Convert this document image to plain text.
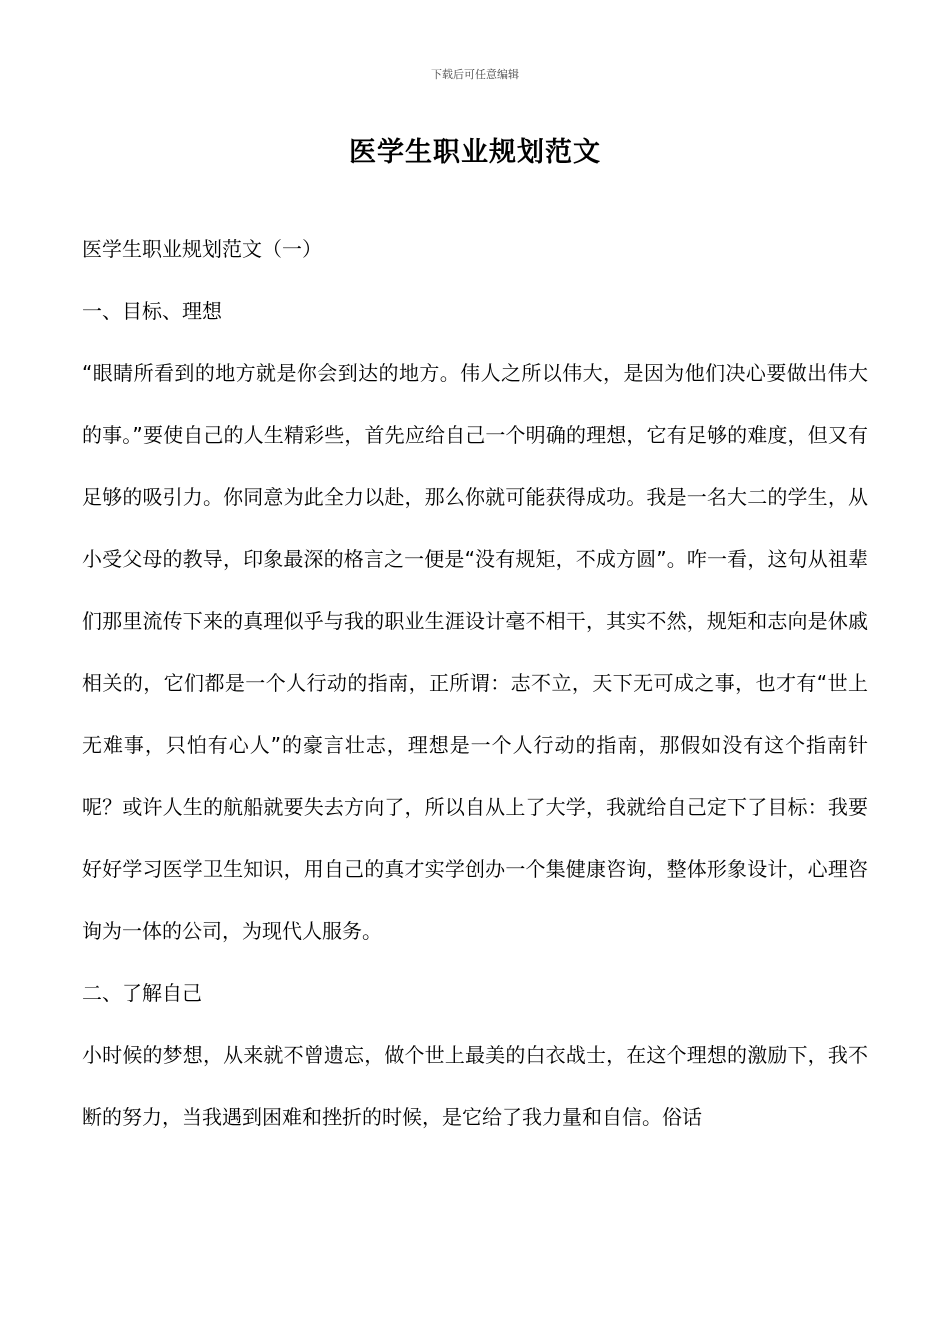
下载后可任意编辑
医学生职业规划范文

医学生职业规划范文（一）

一、目标、理想

“眼睛所看到的地方就是你会到达的地方。伟人之所以伟大，是因为他们决心要做出伟大的事。”要使自己的人生精彩些，首先应给自己一个明确的理想，它有足够的难度，但又有足够的吸引力。你同意为此全力以赴，那么你就可能获得成功。我是一名大二的学生，从小受父母的教导，印象最深的格言之一便是“没有规矩，不成方圆”。咋一看，这句从祖辈们那里流传下来的真理似乎与我的职业生涯设计毫不相干，其实不然，规矩和志向是休戚相关的，它们都是一个人行动的指南，正所谓：志不立，天下无可成之事，也才有“世上无难事，只怕有心人”的豪言壮志，理想是一个人行动的指南，那假如没有这个指南针呢？或许人生的航船就要失去方向了，所以自从上了大学，我就给自己定下了目标：我要好好学习医学卫生知识，用自己的真才实学创办一个集健康咨询，整体形象设计，心理咨询为一体的公司，为现代人服务。

二、了解自己

小时候的梦想，从来就不曾遗忘，做个世上最美的白衣战士，在这个理想的激励下，我不断的努力，当我遇到困难和挫折的时候，是它给了我力量和自信。俗话
